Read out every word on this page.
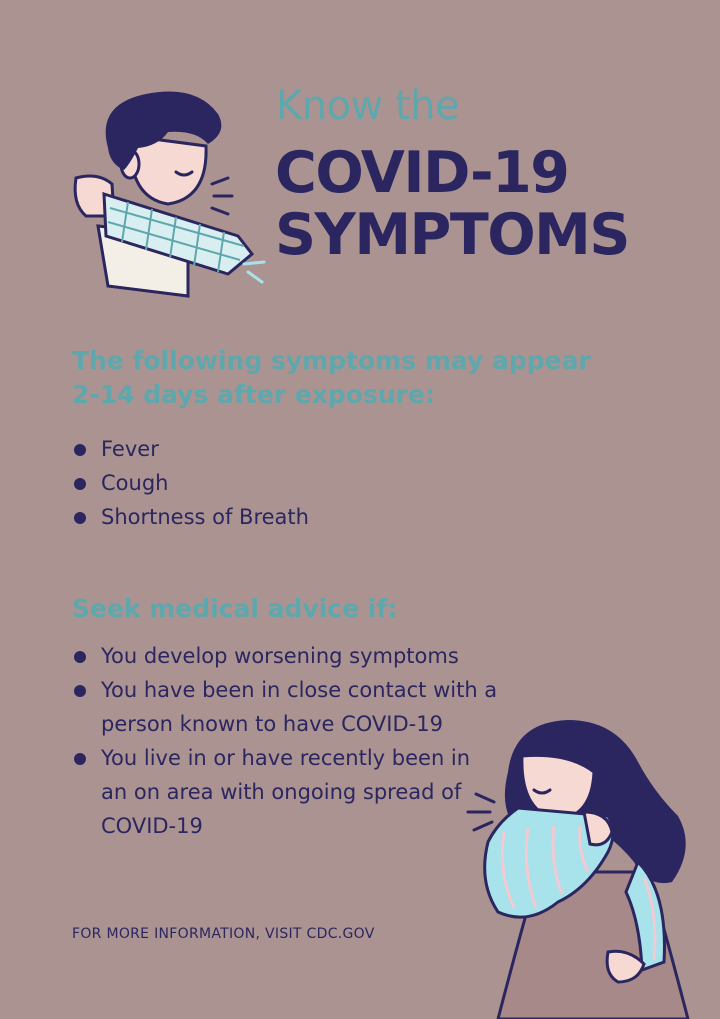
Know the
COVID-19
SYMPTOMS
The following symptoms may appear 2-14 days after exposure:
Fever
Cough
Shortness of Breath
Seek medical advice if:
You develop worsening symptoms
You have been in close contact with a person known to have COVID-19
You live in or have recently been in an on area with ongoing spread of COVID-19
FOR MORE INFORMATION, VISIT CDC.GOV
